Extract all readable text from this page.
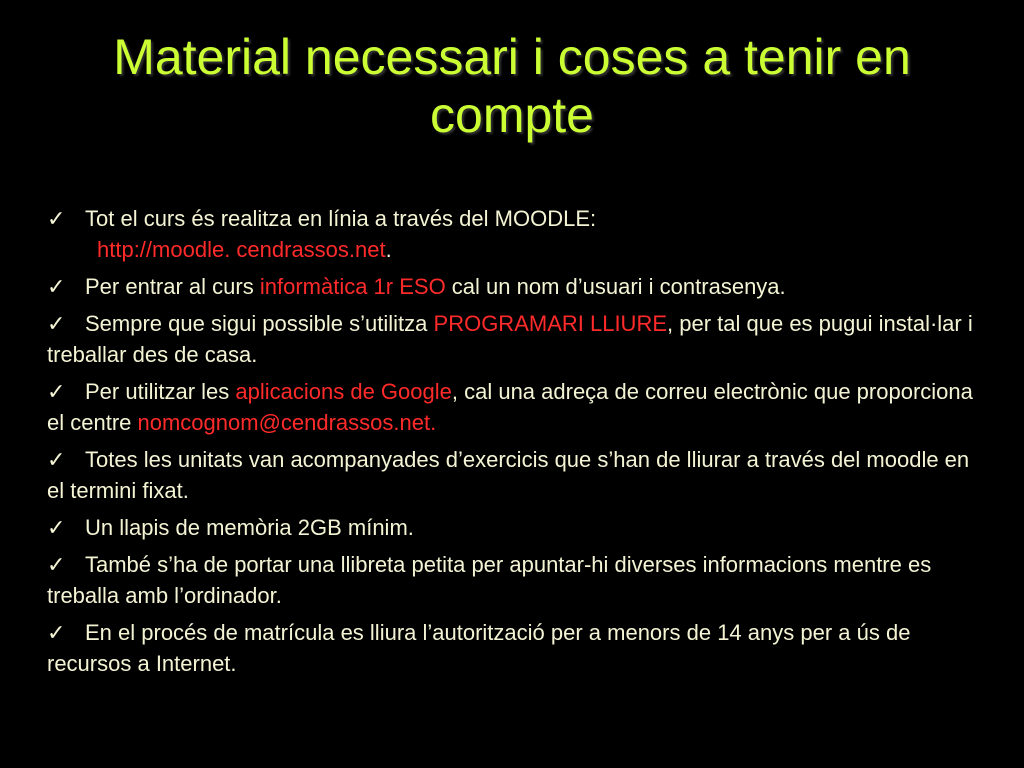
Material necessari i coses a tenir en
compte
✓ Tot el curs és realitza en línia a través del MOODLE:
http://moodle. cendrassos.net.
✓ Per entrar al curs informàtica 1r ESO cal un nom d’usuari i contrasenya.
✓ Sempre que sigui possible s’utilitza PROGRAMARI LLIURE, per tal que es pugui instal·lar i treballar des de casa.
✓ Per utilitzar les aplicacions de Google, cal una adreça de correu electrònic que proporciona el centre nomcognom@cendrassos.net.
✓ Totes les unitats van acompanyades d’exercicis que s’han de lliurar a través del moodle en el termini fixat.
✓ Un llapis de memòria 2GB mínim.
✓ També s’ha de portar una llibreta petita per apuntar-hi diverses informacions mentre es treballa amb l’ordinador.
✓ En el procés de matrícula es lliura l’autorització per a menors de 14 anys per a ús de recursos a Internet.
